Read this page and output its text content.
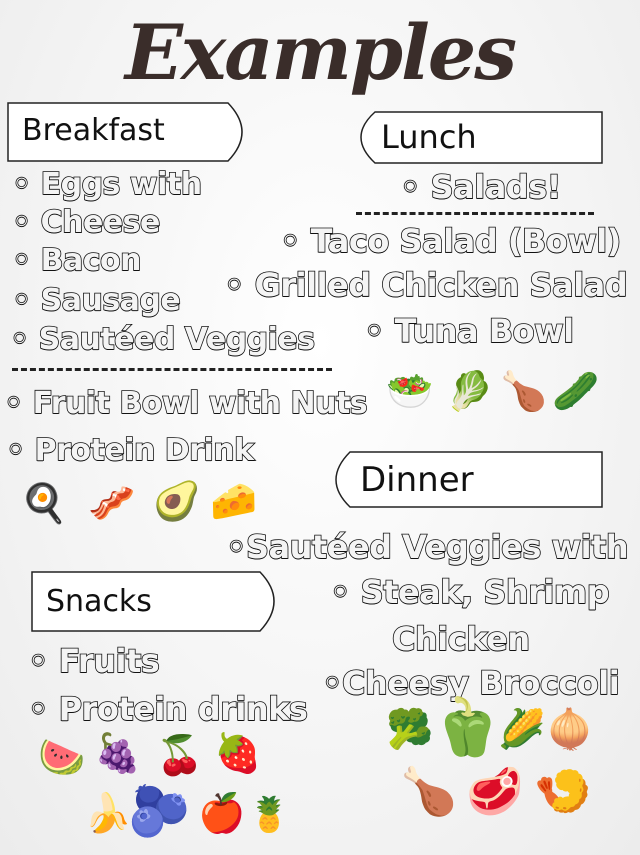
Examples
Breakfast	Lunch
Dinner
Snacks
◦ Eggs with
◦ Cheese
◦ Bacon
◦ Sausage
◦ Sautéed Veggies
◦ Fruit Bowl with Nuts
◦ Protein Drink
🍳 🥓 🥑 🧀
◦ Salads!
◦ Taco Salad (Bowl)
◦ Grilled Chicken Salad
◦ Tuna Bowl
🥗 🥬 🍗 🥒
◦Sautéed Veggies with
◦ Steak, Shrimp
Chicken
◦Cheesy Broccoli
🥦
🫑
🌽 🧅
🍗 🥩 🍤
◦ Fruits
◦ Protein drinks
🍉 🍇 🍒 🍓
🍌
🫐 🍎 🍍
